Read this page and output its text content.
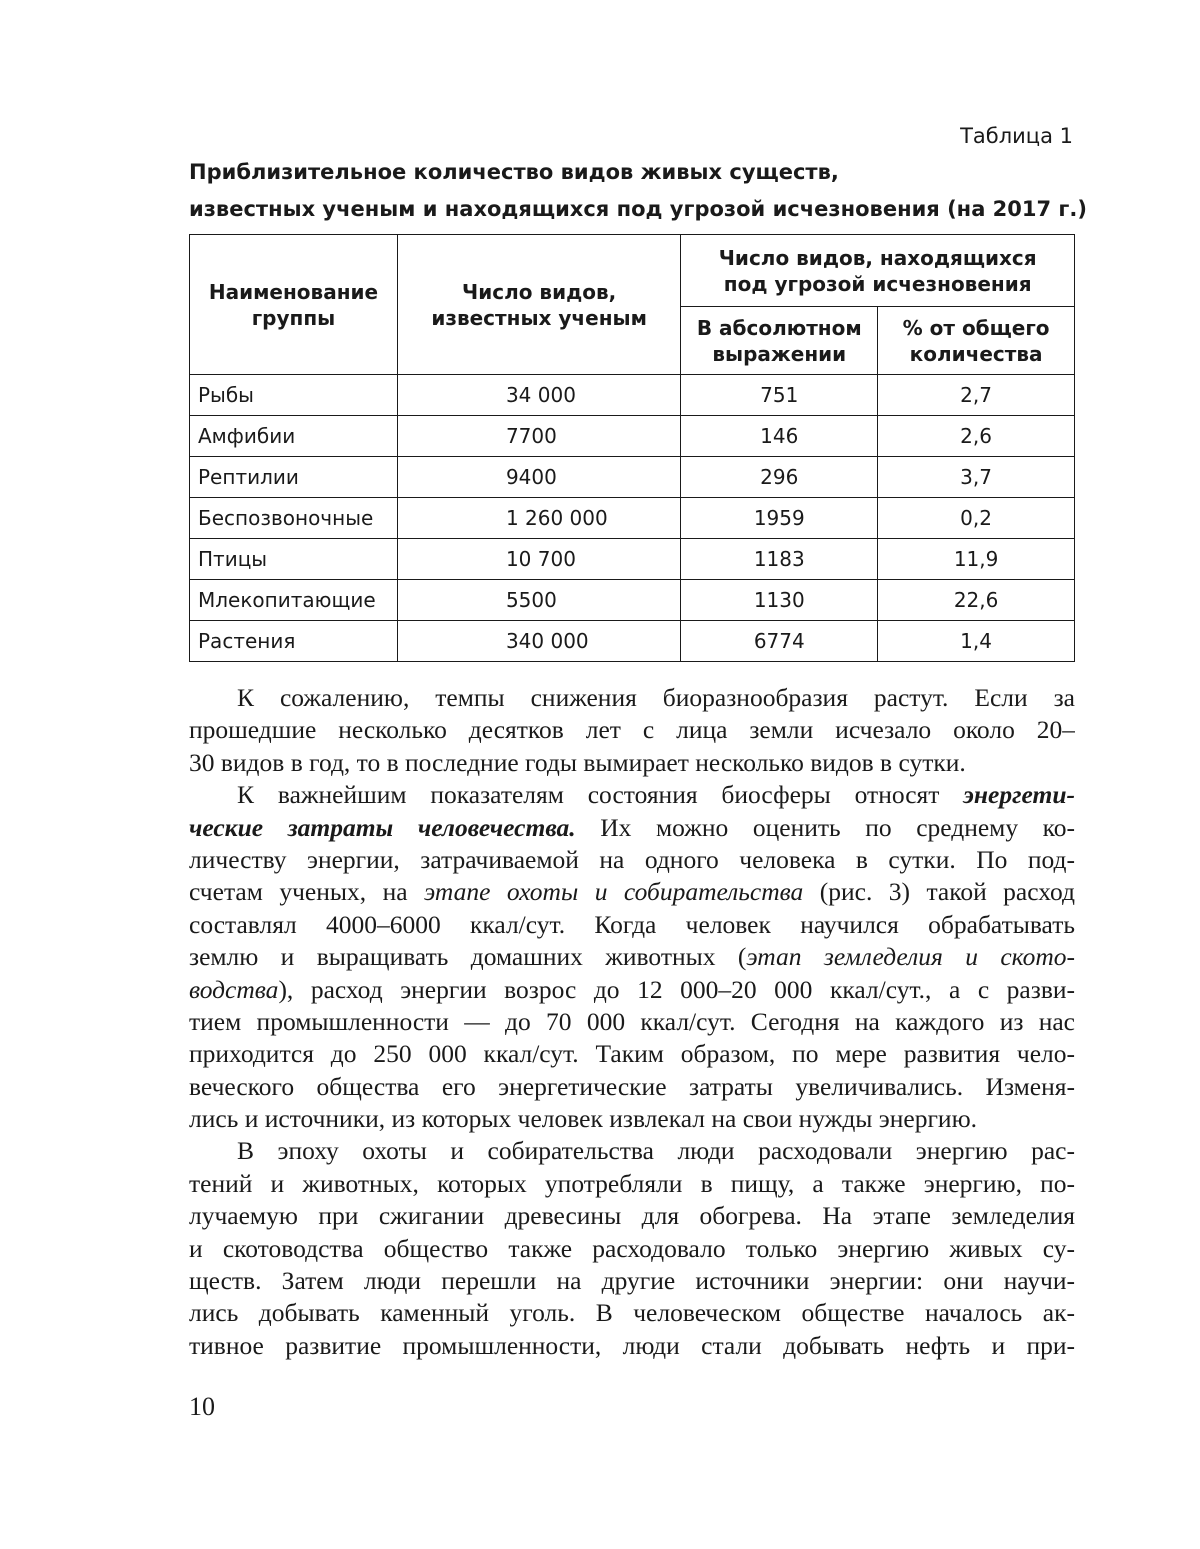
Таблица 1
Приблизительное количество видов живых существ,
известных ученым и находящихся под угрозой исчезновения (на 2017 г.)
Наименование группы	Число видов, известных ученым	Число видов, находящихся под угрозой исчезновения	
		В абсолютном выражении	% от общего количества
Рыбы	34 000	751	2,7
Амфибии	7700	146	2,6
Рептилии	9400	296	3,7
Беспозвоночные	1 260 000	1959	0,2
Птицы	10 700	1183	11,9
Млекопитающие	5500	1130	22,6
Растения	340 000	6774	1,4
К сожалению, темпы снижения биоразнообразия растут. Если за
прошедшие несколько десятков лет с лица земли исчезало около 20–
30 видов в год, то в последние годы вымирает несколько видов в сутки.
К важнейшим показателям состояния биосферы относят энергети-
ческие затраты человечества. Их можно оценить по среднему ко-
личеству энергии, затрачиваемой на одного человека в сутки. По под-
счетам ученых, на этапе охоты и собирательства (рис. 3) такой расход
составлял 4000–6000 ккал/сут. Когда человек научился обрабатывать
землю и выращивать домашних животных (этап земледелия и ското-
водства), расход энергии возрос до 12 000–20 000 ккал/сут., а с разви-
тием промышленности — до 70 000 ккал/сут. Сегодня на каждого из нас
приходится до 250 000 ккал/сут. Таким образом, по мере развития чело-
веческого общества его энергетические затраты увеличивались. Изменя-
лись и источники, из которых человек извлекал на свои нужды энергию.
В эпоху охоты и собирательства люди расходовали энергию рас-
тений и животных, которых употребляли в пищу, а также энергию, по-
лучаемую при сжигании древесины для обогрева. На этапе земледелия
и скотоводства общество также расходовало только энергию живых су-
ществ. Затем люди перешли на другие источники энергии: они научи-
лись добывать каменный уголь. В человеческом обществе началось ак-
тивное развитие промышленности, люди стали добывать нефть и при-
10
